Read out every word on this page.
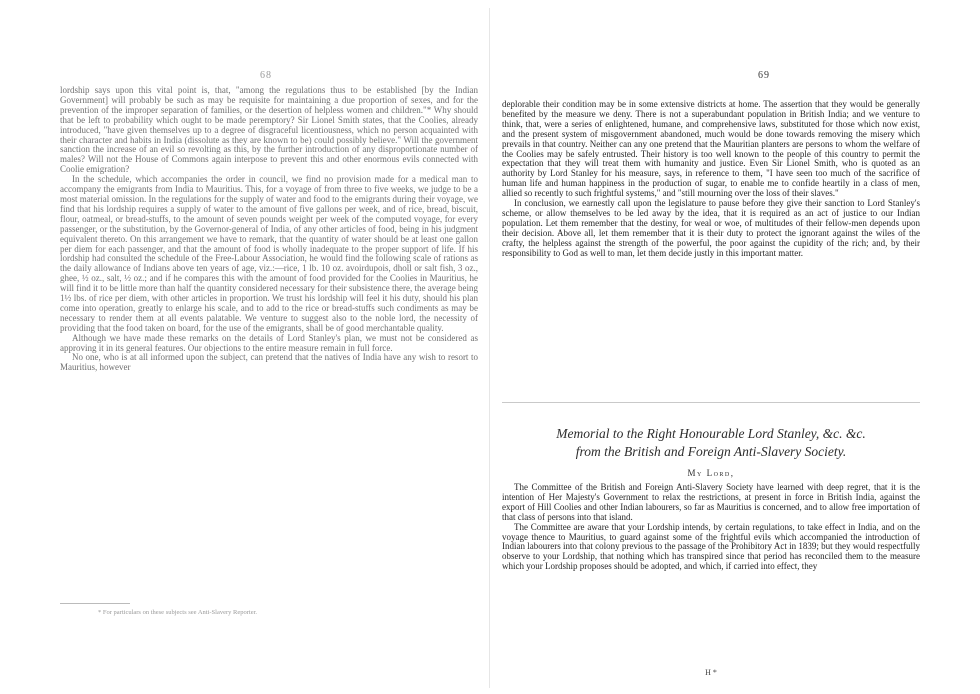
68

lordship says upon this vital point is, that, "among the regulations thus to be established [by the Indian Government] will probably be such as may be requisite for maintaining a due proportion of sexes, and for the prevention of the improper separation of families, or the desertion of helpless women and children."* Why should that be left to probability which ought to be made peremptory? Sir Lionel Smith states, that the Coolies, already introduced, "have given themselves up to a degree of disgraceful licentiousness, which no person acquainted with their character and habits in India (dissolute as they are known to be) could possibly believe." Will the government sanction the increase of an evil so revolting as this, by the further introduction of any disproportionate number of males? Will not the House of Commons again interpose to prevent this and other enormous evils connected with Coolie emigration?

In the schedule, which accompanies the order in council, we find no provision made for a medical man to accompany the emigrants from India to Mauritius. This, for a voyage of from three to five weeks, we judge to be a most material omission. In the regulations for the supply of water and food to the emigrants during their voyage, we find that his lordship requires a supply of water to the amount of five gallons per week, and of rice, bread, biscuit, flour, oatmeal, or bread-stuffs, to the amount of seven pounds weight per week of the computed voyage, for every passenger, or the substitution, by the Governor-general of India, of any other articles of food, being in his judgment equivalent thereto. On this arrangement we have to remark, that the quantity of water should be at least one gallon per diem for each passenger, and that the amount of food is wholly inadequate to the proper support of life. If his lordship had consulted the schedule of the Free-Labour Association, he would find the following scale of rations as the daily allowance of Indians above ten years of age, viz.:—rice, 1 lb. 10 oz. avoirdupois, dholl or salt fish, 3 oz., ghee, ½ oz., salt, ½ oz.; and if he compares this with the amount of food provided for the Coolies in Mauritius, he will find it to be little more than half the quantity considered necessary for their subsistence there, the average being 1½ lbs. of rice per diem, with other articles in proportion. We trust his lordship will feel it his duty, should his plan come into operation, greatly to enlarge his scale, and to add to the rice or bread-stuffs such condiments as may be necessary to render them at all events palatable. We venture to suggest also to the noble lord, the necessity of providing that the food taken on board, for the use of the emigrants, shall be of good merchantable quality.

Although we have made these remarks on the details of Lord Stanley's plan, we must not be considered as approving it in its general features. Our objections to the entire measure remain in full force.

No one, who is at all informed upon the subject, can pretend that the natives of India have any wish to resort to Mauritius, however

* For particulars on these subjects see Anti-Slavery Reporter.
69

deplorable their condition may be in some extensive districts at home. The assertion that they would be generally benefited by the measure we deny. There is not a superabundant population in British India; and we venture to think, that, were a series of enlightened, humane, and comprehensive laws, substituted for those which now exist, and the present system of misgovernment abandoned, much would be done towards removing the misery which prevails in that country. Neither can any one pretend that the Mauritian planters are persons to whom the welfare of the Coolies may be safely entrusted. Their history is too well known to the people of this country to permit the expectation that they will treat them with humanity and justice. Even Sir Lionel Smith, who is quoted as an authority by Lord Stanley for his measure, says, in reference to them, "I have seen too much of the sacrifice of human life and human happiness in the production of sugar, to enable me to confide heartily in a class of men, allied so recently to such frightful systems," and "still mourning over the loss of their slaves."

In conclusion, we earnestly call upon the legislature to pause before they give their sanction to Lord Stanley's scheme, or allow themselves to be led away by the idea, that it is required as an act of justice to our Indian population. Let them remember that the destiny, for weal or woe, of multitudes of their fellow-men depends upon their decision. Above all, let them remember that it is their duty to protect the ignorant against the wiles of the crafty, the helpless against the strength of the powerful, the poor against the cupidity of the rich; and, by their responsibility to God as well to man, let them decide justly in this important matter.

Memorial to the Right Honourable Lord Stanley, &c. &c.
from the British and Foreign Anti-Slavery Society.
My Lord,

The Committee of the British and Foreign Anti-Slavery Society have learned with deep regret, that it is the intention of Her Majesty's Government to relax the restrictions, at present in force in British India, against the export of Hill Coolies and other Indian labourers, so far as Mauritius is concerned, and to allow free importation of that class of persons into that island.

The Committee are aware that your Lordship intends, by certain regulations, to take effect in India, and on the voyage thence to Mauritius, to guard against some of the frightful evils which accompanied the introduction of Indian labourers into that colony previous to the passage of the Prohibitory Act in 1839; but they would respectfully observe to your Lordship, that nothing which has transpired since that period has reconciled them to the measure which your Lordship proposes should be adopted, and which, if carried into effect, they

H *
